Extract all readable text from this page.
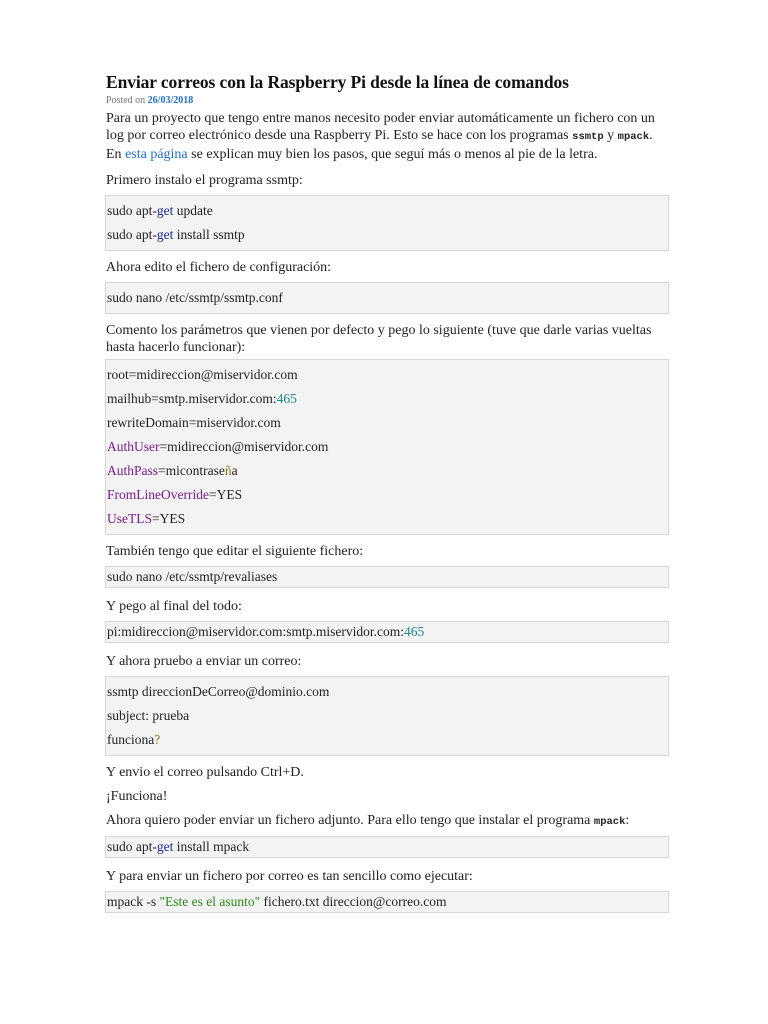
Enviar correos con la Raspberry Pi desde la línea de comandos
Posted on 26/03/2018

Para un proyecto que tengo entre manos necesito poder enviar automáticamente un fichero con un log por correo electrónico desde una Raspberry Pi. Esto se hace con los programas ssmtp y mpack. En esta página se explican muy bien los pasos, que seguí más o menos al pie de la letra.

Primero instalo el programa ssmtp:

sudo apt-get update
sudo apt-get install ssmtp

Ahora edito el fichero de configuración:

sudo nano /etc/ssmtp/ssmtp.conf

Comento los parámetros que vienen por defecto y pego lo siguiente (tuve que darle varias vueltas hasta hacerlo funcionar):

root=midireccion@miservidor.com
mailhub=smtp.miservidor.com:465
rewriteDomain=miservidor.com
AuthUser=midireccion@miservidor.com
AuthPass=micontraseña
FromLineOverride=YES
UseTLS=YES

También tengo que editar el siguiente fichero:

sudo nano /etc/ssmtp/revaliases

Y pego al final del todo:

pi:midireccion@miservidor.com:smtp.miservidor.com:465

Y ahora pruebo a enviar un correo:

ssmtp direccionDeCorreo@dominio.com
subject: prueba
funciona?

Y envio el correo pulsando Ctrl+D.

¡Funciona!

Ahora quiero poder enviar un fichero adjunto. Para ello tengo que instalar el programa mpack:

sudo apt-get install mpack

Y para enviar un fichero por correo es tan sencillo como ejecutar:

mpack -s "Este es el asunto" fichero.txt direccion@correo.com
